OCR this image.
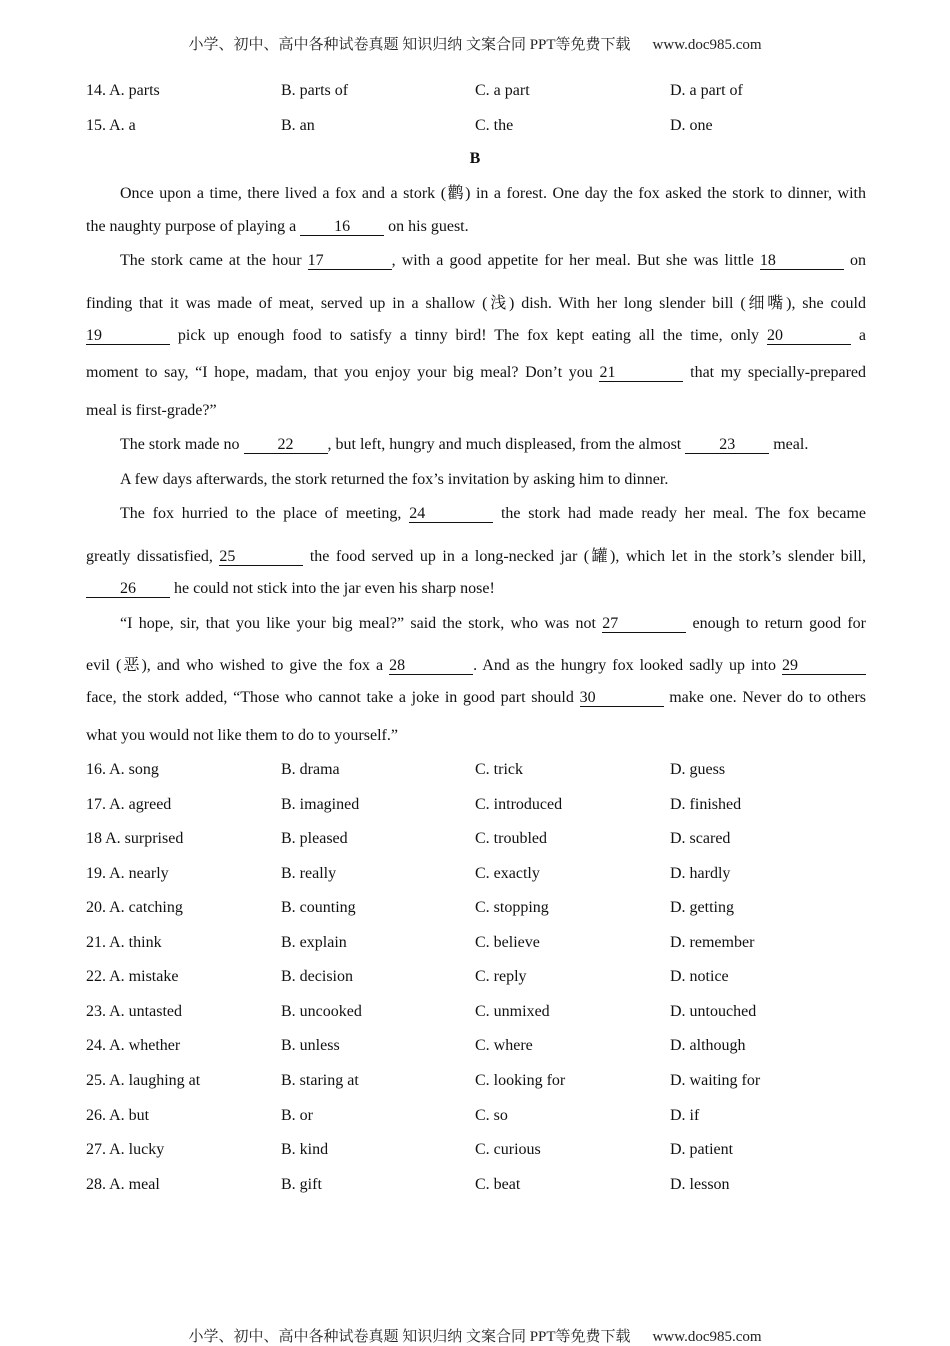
小学、初中、高中各种试卷真题 知识归纳 文案合同 PPT等免费下载 www.doc985.com
14. A. parts	B. parts of	C. a part	D. a part of
15. A. a	B. an	C. the	D. one
B
Once upon a time, there lived a fox and a stork (鹳) in a forest. One day the fox asked the stork to dinner, with
the naughty purpose of playing a 16 on his guest.
The stork came at the hour 17	, with a good appetite for her meal. But she was little 18	on
finding that it was made of meat, served up in a shallow (浅) dish. With her long slender bill (细嘴), she could
19	pick up enough food to satisfy a tinny bird! The fox kept eating all the time, only 20	a
moment to say, “I hope, madam, that you enjoy your big meal? Don’t you 21	that my specially-prepared
meal is first-grade?”
The stork made no 22 , but left, hungry and much displeased, from the almost 23 meal.
A few days afterwards, the stork returned the fox’s invitation by asking him to dinner.
The fox hurried to the place of meeting, 24	the stork had made ready her meal. The fox became
greatly dissatisfied, 25	the food served up in a long-necked jar (罐), which let in the stork’s slender bill,
26 he could not stick into the jar even his sharp nose!
“I hope, sir, that you like your big meal?” said the stork, who was not 27	enough to return good for
evil (恶), and who wished to give the fox a 28	. And as the hungry fox looked sadly up into 29
face, the stork added, “Those who cannot take a joke in good part should 30	make one. Never do to others
what you would not like them to do to yourself.”
16. A. song	B. drama	C. trick	D. guess
17. A. agreed	B. imagined	C. introduced	D. finished
18 A. surprised	B. pleased	C. troubled	D. scared
19. A. nearly	B. really	C. exactly	D. hardly
20. A. catching	B. counting	C. stopping	D. getting
21. A. think	B. explain	C. believe	D. remember
22. A. mistake	B. decision	C. reply	D. notice
23. A. untasted	B. uncooked	C. unmixed	D. untouched
24. A. whether	B. unless	C. where	D. although
25. A. laughing at	B. staring at	C. looking for	D. waiting for
26. A. but	B. or	C. so	D. if
27. A. lucky	B. kind	C. curious	D. patient
28. A. meal	B. gift	C. beat	D. lesson
小学、初中、高中各种试卷真题 知识归纳 文案合同 PPT等免费下载 www.doc985.com
